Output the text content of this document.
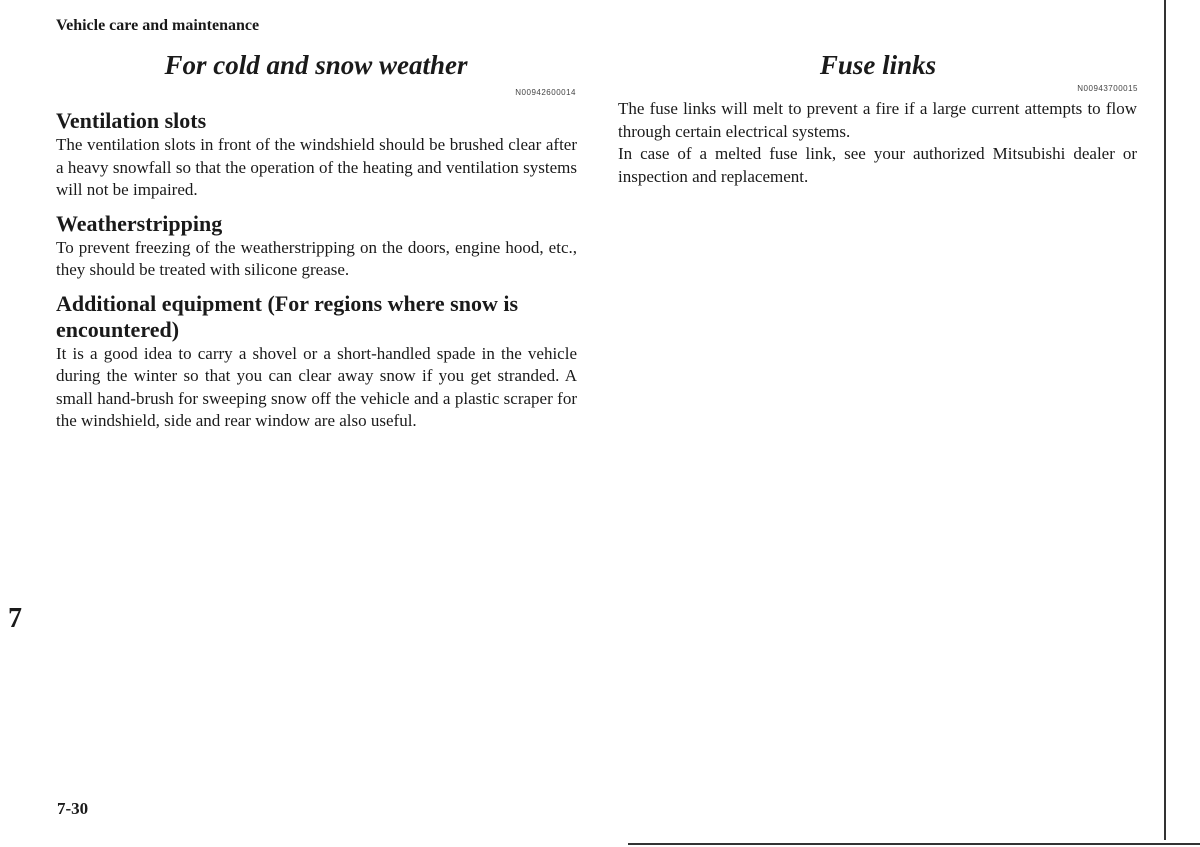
Vehicle care and maintenance
For cold and snow weather
N00942600014
Fuse links
N00943700015
Ventilation slots

The ventilation slots in front of the windshield should be brushed clear after a heavy snowfall so that the operation of the heating and ventilation systems will not be impaired.

Weatherstripping

To prevent freezing of the weatherstripping on the doors, engine hood, etc., they should be treated with silicone grease.

Additional equipment (For regions where snow is encountered)

It is a good idea to carry a shovel or a short-handled spade in the vehicle during the winter so that you can clear away snow if you get stranded. A small hand-brush for sweeping snow off the vehicle and a plastic scraper for the windshield, side and rear window are also useful.

The fuse links will melt to prevent a fire if a large current attempts to flow through certain electrical systems.

In case of a melted fuse link, see your authorized Mitsubishi dealer or inspection and replacement.

7
7-30
